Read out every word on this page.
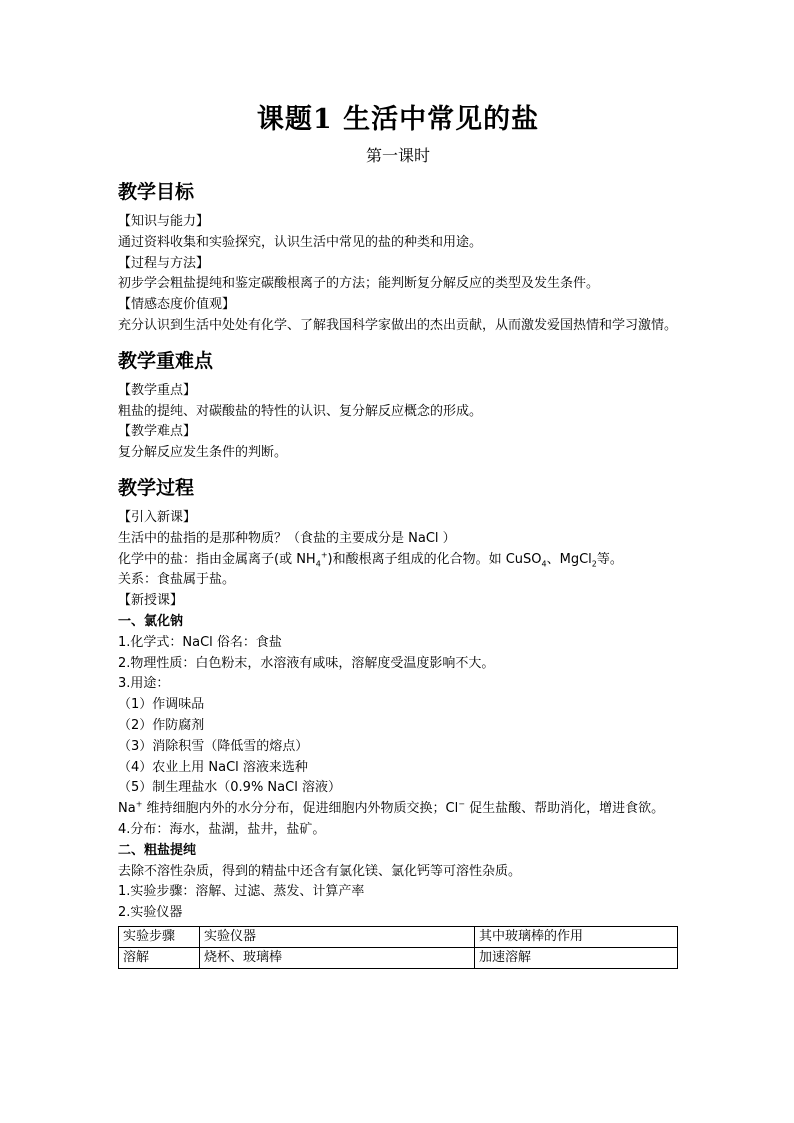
课题1 生活中常见的盐
第一课时
教学目标

【知识与能力】

通过资料收集和实验探究，认识生活中常见的盐的种类和用途。

【过程与方法】

初步学会粗盐提纯和鉴定碳酸根离子的方法；能判断复分解反应的类型及发生条件。

【情感态度价值观】

充分认识到生活中处处有化学、了解我国科学家做出的杰出贡献，从而激发爱国热情和学习激情。

教学重难点

【教学重点】

粗盐的提纯、对碳酸盐的特性的认识、复分解反应概念的形成。

【教学难点】

复分解反应发生条件的判断。

教学过程

【引入新课】

生活中的盐指的是那种物质？（食盐的主要成分是 NaCl ）

化学中的盐：指由金属离子(或 $NH_4^+$)和酸根离子组成的化合物。如 CuSO$_4$、MgCl$_2$等。

关系：食盐属于盐。

【新授课】

一、氯化钠

1.化学式：NaCl 俗名：食盐

2.物理性质：白色粉末，水溶液有咸味，溶解度受温度影响不大。

3.用途：

（1）作调味品

（2）作防腐剂

（3）消除积雪（降低雪的熔点）

（4）农业上用 NaCl 溶液来选种

（5）制生理盐水（0.9% NaCl 溶液）

Na+ 维持细胞内外的水分分布，促进细胞内外物质交换；Cl− 促生盐酸、帮助消化，增进食欲。

4.分布：海水，盐湖，盐井，盐矿。

二、粗盐提纯

去除不溶性杂质，得到的精盐中还含有氯化镁、氯化钙等可溶性杂质。

1.实验步骤：溶解、过滤、蒸发、计算产率

2.实验仪器

实验步骤	实验仪器	其中玻璃棒的作用
溶解	烧杯、玻璃棒	加速溶解
